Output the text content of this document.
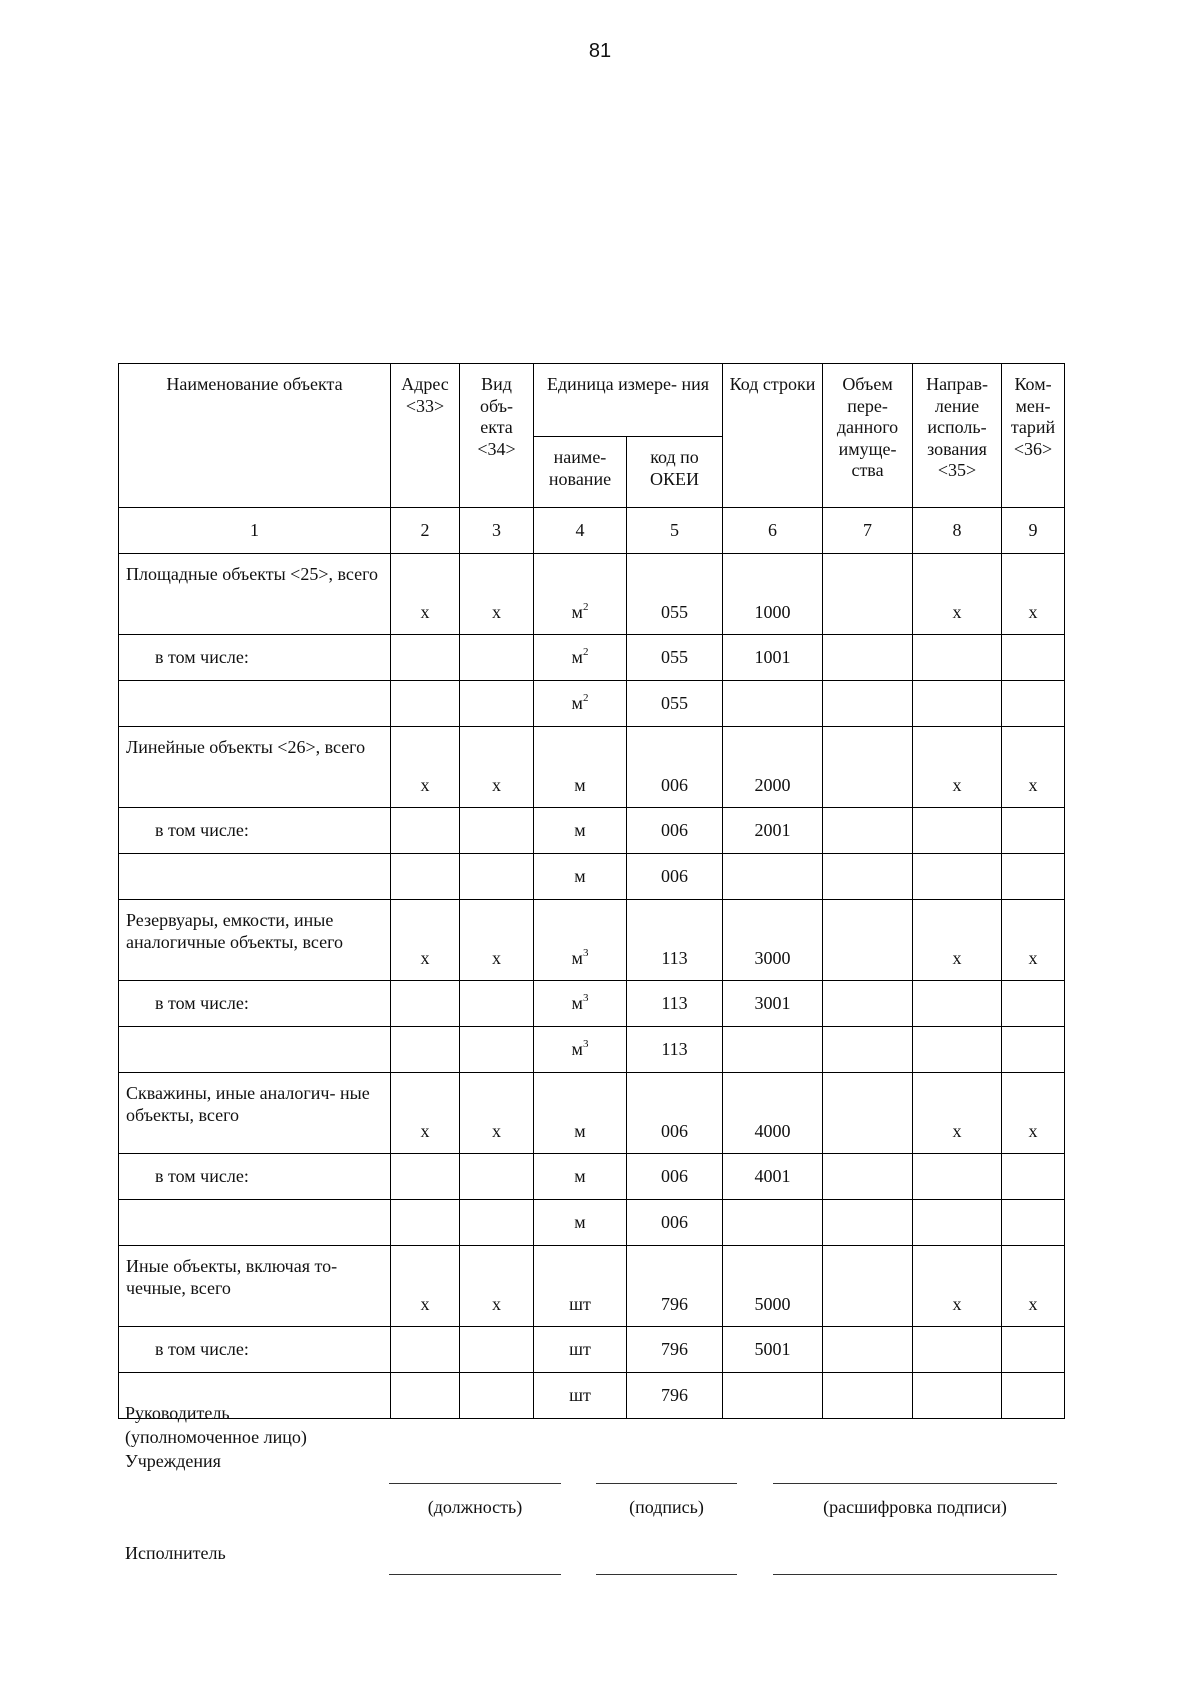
81
Наименование объекта	Адрес <33>	Вид объ- екта <34>	Единица измере- ния		Код строки	Объем пере- данного имуще- ства	Направ- ление исполь- зования <35>	Ком- мен- тарий <36>
			наиме- нование	код по ОКЕИ				
1	2	3	4	5	6	7	8	9
Площадные объекты <25>, всего	х	х	$м^2$	055	1000		х	х
в том числе:			$м^2$	055	1001			
			$м^2$	055				
Линейные объекты <26>, всего	х	х	м	006	2000		х	х
в том числе:			м	006	2001			
			м	006				
Резервуары, емкости, иные аналогичные объекты, всего	х	х	$м^3$	113	3000		х	х
в том числе:			$м^3$	113	3001			
			$м^3$	113				
Скважины, иные аналогич- ные объекты, всего	х	х	м	006	4000		х	х
в том числе:			м	006	4001			
			м	006				
Иные объекты, включая то- чечные, всего	х	х	шт	796	5000		х	х
в том числе:			шт	796	5001			
			шт	796				
Руководитель
(уполномоченное лицо)
Учреждения
(должность)	(подпись)	(расшифровка подписи)
Исполнитель
